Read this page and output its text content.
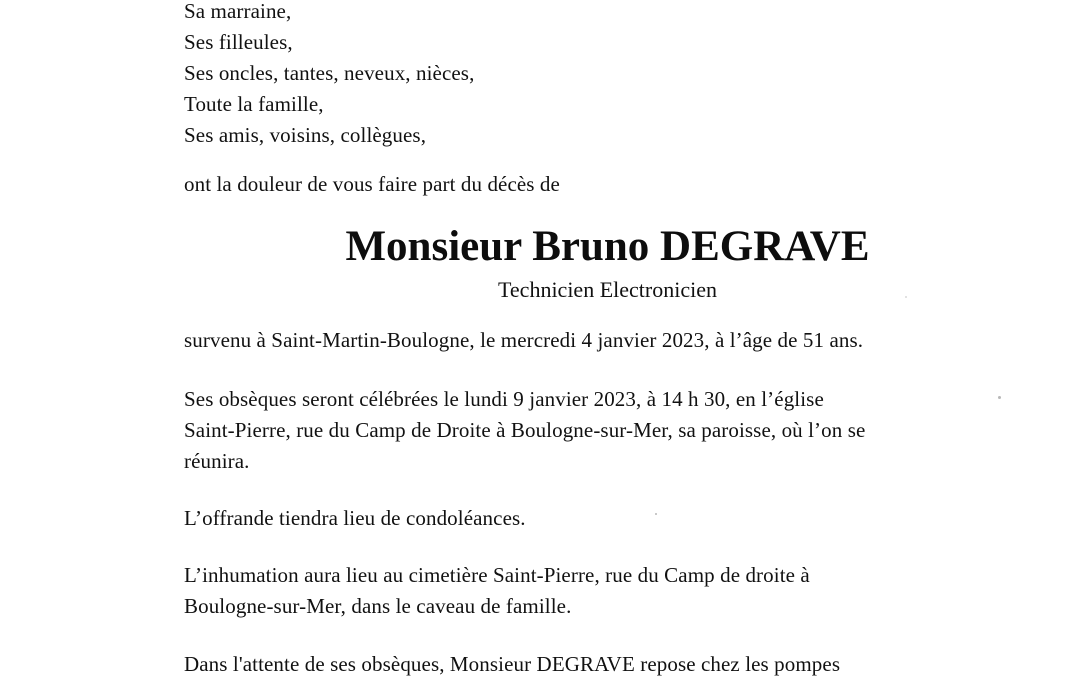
Sa marraine,
Ses filleules,
Ses oncles, tantes, neveux, nièces,
Toute la famille,
Ses amis, voisins, collègues,
ont la douleur de vous faire part du décès de
Monsieur Bruno DEGRAVE
Technicien Electronicien
survenu à Saint-Martin-Boulogne, le mercredi 4 janvier 2023, à l’âge de 51 ans.
Ses obsèques seront célébrées le lundi 9 janvier 2023, à 14 h 30, en l’église
Saint-Pierre, rue du Camp de Droite à Boulogne-sur-Mer, sa paroisse, où l’on se
réunira.
L’offrande tiendra lieu de condoléances.
L’inhumation aura lieu au cimetière Saint-Pierre, rue du Camp de droite à
Boulogne-sur-Mer, dans le caveau de famille.
Dans l'attente de ses obsèques, Monsieur DEGRAVE repose chez les pompes
